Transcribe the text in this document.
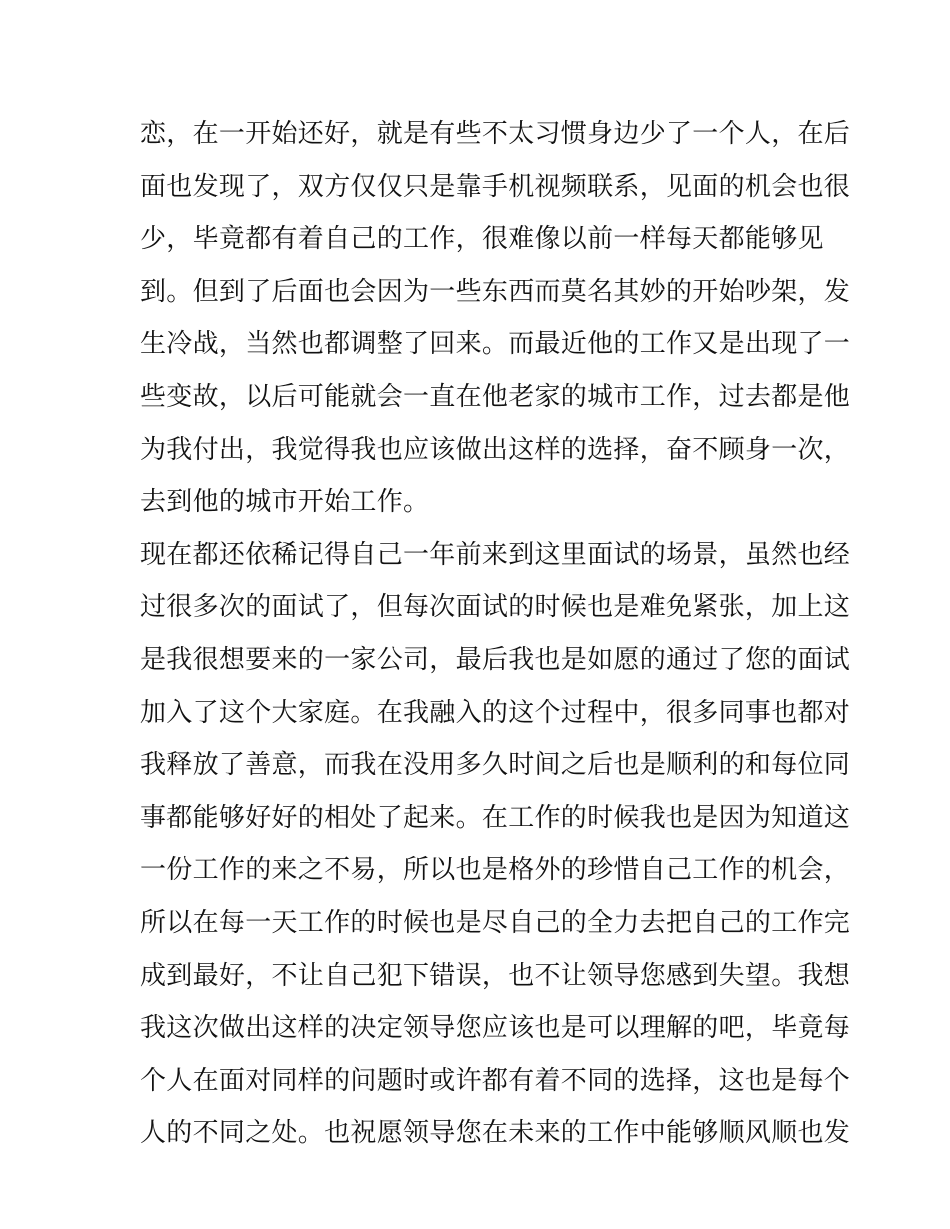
恋，在一开始还好，就是有些不太习惯身边少了一个人，在后
面也发现了，双方仅仅只是靠手机视频联系，见面的机会也很
少，毕竟都有着自己的工作，很难像以前一样每天都能够见
到。但到了后面也会因为一些东西而莫名其妙的开始吵架，发
生冷战，当然也都调整了回来。而最近他的工作又是出现了一
些变故，以后可能就会一直在他老家的城市工作，过去都是他
为我付出，我觉得我也应该做出这样的选择，奋不顾身一次，
去到他的城市开始工作。
现在都还依稀记得自己一年前来到这里面试的场景，虽然也经
过很多次的面试了，但每次面试的时候也是难免紧张，加上这
是我很想要来的一家公司，最后我也是如愿的通过了您的面试
加入了这个大家庭。在我融入的这个过程中，很多同事也都对
我释放了善意，而我在没用多久时间之后也是顺利的和每位同
事都能够好好的相处了起来。在工作的时候我也是因为知道这
一份工作的来之不易，所以也是格外的珍惜自己工作的机会，
所以在每一天工作的时候也是尽自己的全力去把自己的工作完
成到最好，不让自己犯下错误，也不让领导您感到失望。我想
我这次做出这样的决定领导您应该也是可以理解的吧，毕竟每
个人在面对同样的问题时或许都有着不同的选择，这也是每个
人的不同之处。也祝愿领导您在未来的工作中能够顺风顺也发
